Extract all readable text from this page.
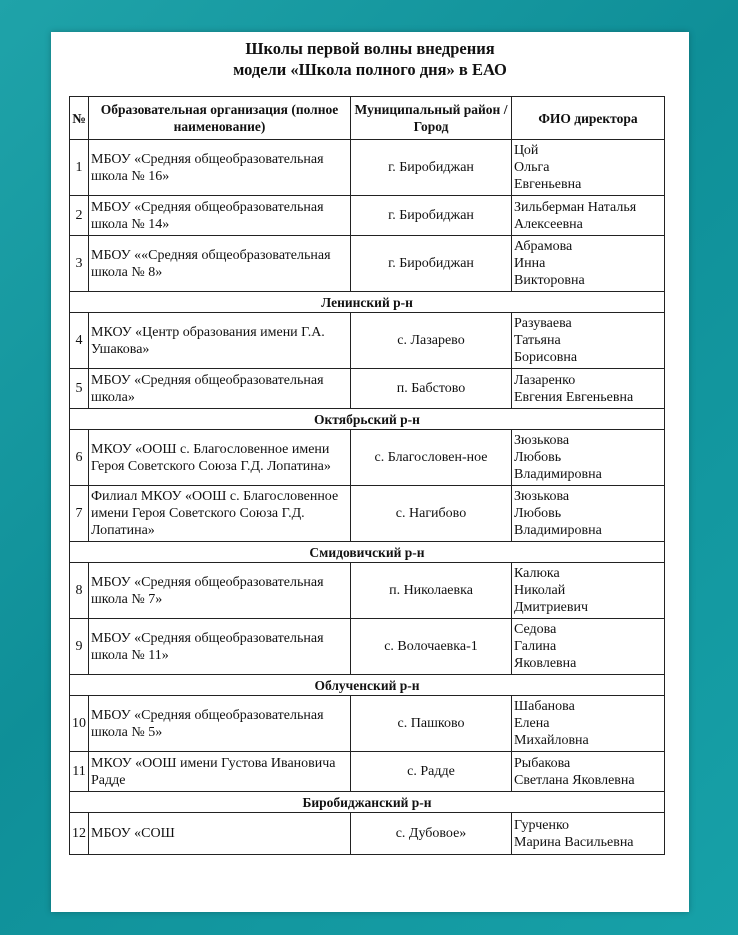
Школы первой волны внедрения
модели «Школа полного дня» в ЕАО
№	Образовательная организация (полное наименование)	Муниципальный район / Город	ФИО директора
1	МБОУ «Средняя общеобразовательная школа № 16»	г. Биробиджан	Цой
Ольга
Евгеньевна

2	МБОУ «Средняя общеобразовательная школа № 14»	г. Биробиджан	Зильберман Наталья
Алексеевна

3	МБОУ ««Средняя общеобразовательная школа № 8»	г. Биробиджан	Абрамова
Инна
Викторовна

Ленинский р-н			
4	МКОУ «Центр образования имени Г.А. Ушакова»	с. Лазарево	Разуваева
Татьяна
Борисовна

5	МБОУ «Средняя общеобразовательная школа»	п. Бабстово	Лазаренко
Евгения Евгеньевна

Октябрьский р-н			
6	МКОУ «ООШ с. Благословенное имени Героя Советского Союза Г.Д. Лопатина»	с. Благословен-ное	Зюзькова
Любовь
Владимировна

7	Филиал МКОУ «ООШ с. Благословенное имени Героя Советского Союза Г.Д. Лопатина»	с. Нагибово	Зюзькова
Любовь
Владимировна

Смидовичский р-н			
8	МБОУ «Средняя общеобразовательная школа № 7»	п. Николаевка	Калюка
Николай
Дмитриевич

9	МБОУ «Средняя общеобразовательная школа № 11»	с. Волочаевка-1	Седова
Галина
Яковлевна

Облученский р-н			
10	МБОУ «Средняя общеобразовательная школа № 5»	с. Пашково	Шабанова
Елена
Михайловна

11	МКОУ «ООШ имени Густова Ивановича Радде	с. Радде	Рыбакова
Светлана Яковлевна

Биробиджанский р-н			
12	МБОУ «СОШ	с. Дубовое»	Гурченко
Марина Васильевна
